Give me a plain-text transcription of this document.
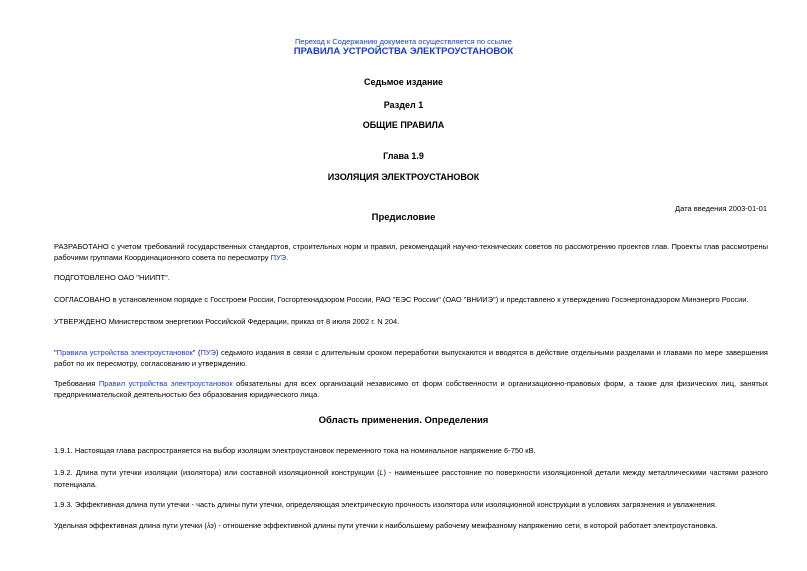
Переход к Содержанию документа осуществляется по ссылке
ПРАВИЛА УСТРОЙСТВА ЭЛЕКТРОУСТАНОВОК
Седьмое издание
Раздел 1
ОБЩИЕ ПРАВИЛА
Глава 1.9
ИЗОЛЯЦИЯ ЭЛЕКТРОУСТАНОВОК
Дата введения 2003-01-01
Предисловие

РАЗРАБОТАНО с учетом требований государственных стандартов, строительных норм и правил, рекомендаций научно-технических советов по рассмотрению проектов глав. Проекты глав рассмотрены рабочими группами Координационного совета по пересмотру ПУЭ.

ПОДГОТОВЛЕНО ОАО "НИИПТ".

СОГЛАСОВАНО в установленном порядке с Госстроем России, Госгортехнадзором России, РАО "ЕЭС России" (ОАО "ВНИИЭ") и представлено к утверждению Госэнергонадзором Минэнерго России.

УТВЕРЖДЕНО Министерством энергетики Российской Федерации, приказ от 8 июля 2002 г. N 204.

"Правила устройства электроустановок" (ПУЭ) седьмого издания в связи с длительным сроком переработки выпускаются и вводятся в действие отдельными разделами и главами по мере завершения работ по их пересмотру, согласованию и утверждению.

Требования Правил устройства электроустановок обязательны для всех организаций независимо от форм собственности и организационно-правовых форм, а также для физических лиц, занятых предпринимательской деятельностью без образования юридического лица.

Область применения. Определения

1.9.1. Настоящая глава распространяется на выбор изоляции электроустановок переменного тока на номинальное напряжение 6-750 кВ.

1.9.2. Длина пути утечки изоляции (изолятора) или составной изоляционной конструкции (L) - наименьшее расстояние по поверхности изоляционной детали между металлическими частями разного потенциала.

1.9.3. Эффективная длина пути утечки - часть длины пути утечки, определяющая электрическую прочность изолятора или изоляционной конструкции в условиях загрязнения и увлажнения.

Удельная эффективная длина пути утечки (λэ) - отношение эффективной длины пути утечки к наибольшему рабочему межфазному напряжению сети, в которой работает электроустановка.
